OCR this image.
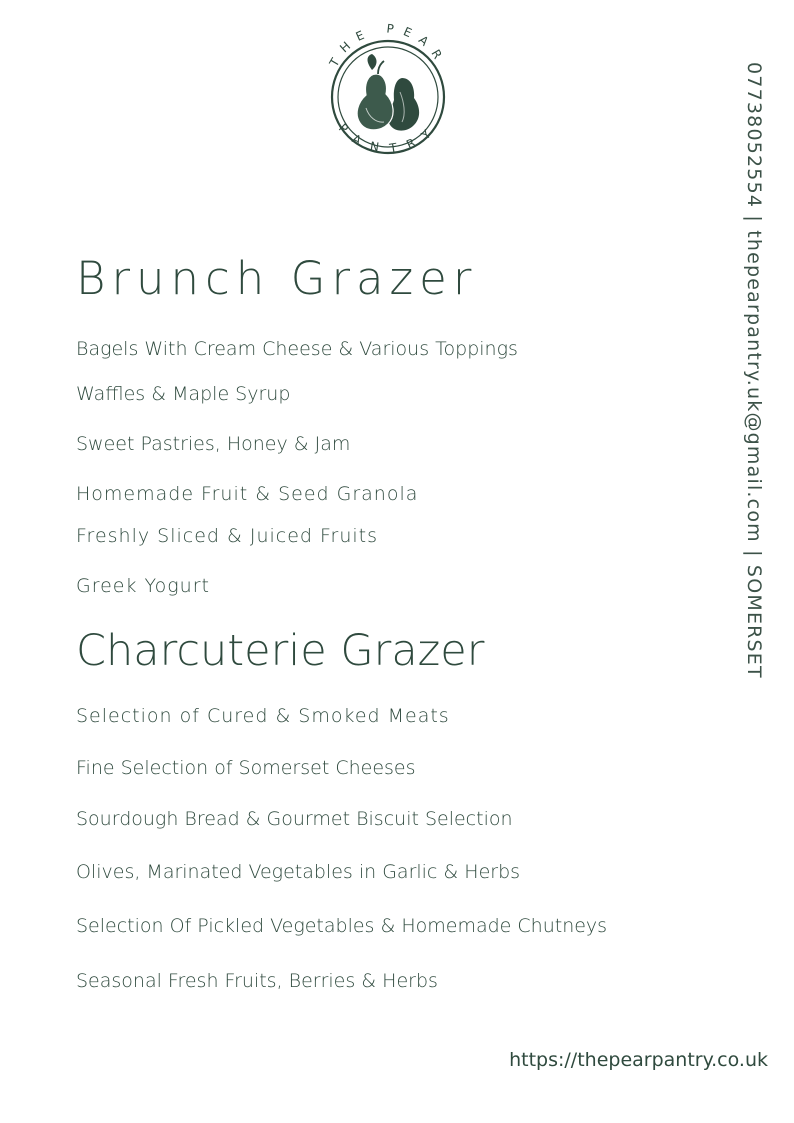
THE PEAR
PANTRY
Brunch Grazer

Bagels With Cream Cheese & Various Toppings

Waffles & Maple Syrup

Sweet Pastries, Honey & Jam

Homemade Fruit & Seed Granola

Freshly Sliced & Juiced Fruits

Greek Yogurt

Charcuterie Grazer

Selection of Cured & Smoked Meats

Fine Selection of Somerset Cheeses

Sourdough Bread & Gourmet Biscuit Selection

Olives, Marinated Vegetables in Garlic & Herbs

Selection Of Pickled Vegetables & Homemade Chutneys

Seasonal Fresh Fruits, Berries & Herbs

07738052554 | thepearpantry.uk@gmail.com | SOMERSET
https://thepearpantry.co.uk
